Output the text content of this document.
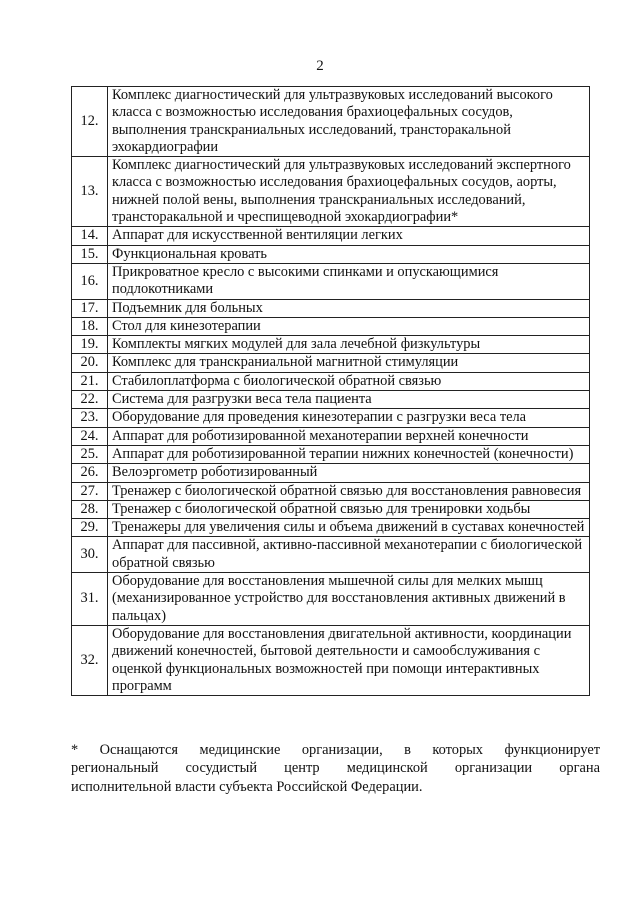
2
12.	Комплекс диагностический для ультразвуковых исследований высокого класса с возможностью исследования брахиоцефальных сосудов, выполнения транскраниальных исследований, трансторакальной эхокардиографии
13.	Комплекс диагностический для ультразвуковых исследований экспертного класса с возможностью исследования брахиоцефальных сосудов, аорты, нижней полой вены, выполнения транскраниальных исследований, трансторакальной и чреспищеводной эхокардиографии*
14.	Аппарат для искусственной вентиляции легких
15.	Функциональная кровать
16.	Прикроватное кресло с высокими спинками и опускающимися подлокотниками
17.	Подъемник для больных
18.	Стол для кинезотерапии
19.	Комплекты мягких модулей для зала лечебной физкультуры
20.	Комплекс для транскраниальной магнитной стимуляции
21.	Стабилоплатформа с биологической обратной связью
22.	Система для разгрузки веса тела пациента
23.	Оборудование для проведения кинезотерапии с разгрузки веса тела
24.	Аппарат для роботизированной механотерапии верхней конечности
25.	Аппарат для роботизированной терапии нижних конечностей (конечности)
26.	Велоэргометр роботизированный
27.	Тренажер с биологической обратной связью для восстановления равновесия
28.	Тренажер с биологической обратной связью для тренировки ходьбы
29.	Тренажеры для увеличения силы и объема движений в суставах конечностей
30.	Аппарат для пассивной, активно-пассивной механотерапии с биологической обратной связью
31.	Оборудование для восстановления мышечной силы для мелких мышц (механизированное устройство для восстановления активных движений в пальцах)
32.	Оборудование для восстановления двигательной активности, координации движений конечностей, бытовой деятельности и самообслуживания с оценкой функциональных возможностей при помощи интерактивных программ
* Оснащаются медицинские организации, в которых функционирует
региональный сосудистый центр медицинской организации органа
исполнительной власти субъекта Российской Федерации.
